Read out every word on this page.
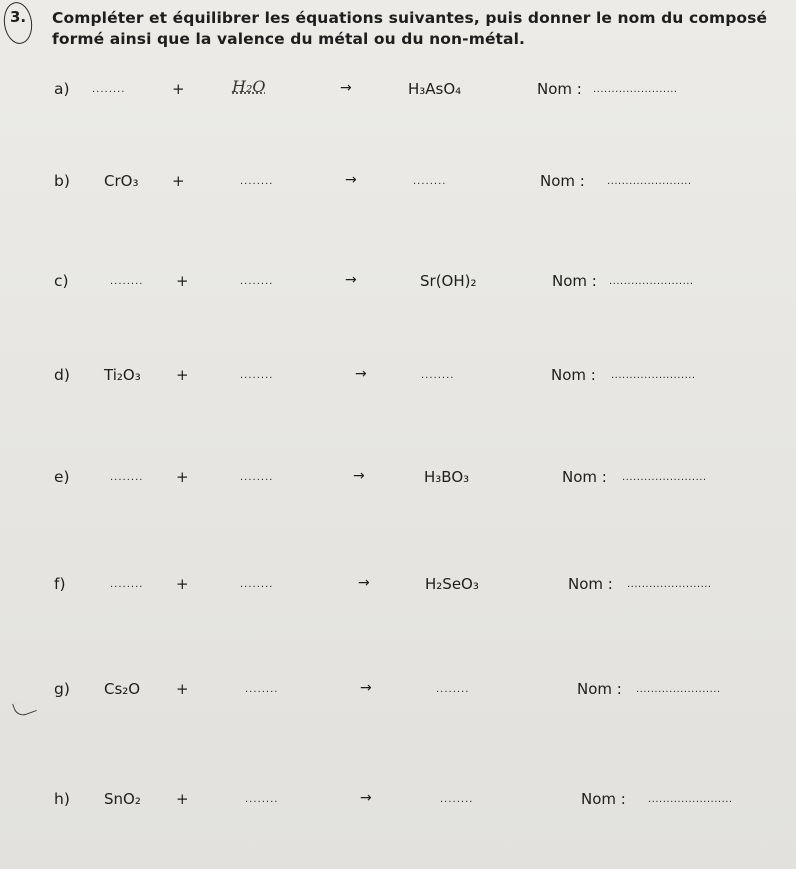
3. Compléter et équilibrer les équations suivantes, puis donner le nom du composé formé ainsi que la valence du métal ou du non-métal.
a) ........	+	H₂O	→	H₃AsO₄	Nom : .......................
b) CrO₃ +	........	→	........	Nom : .......................
c)	........ +	........	→	Sr(OH)₂	Nom : .......................
d) Ti₂O₃ +	........	→	........	Nom : .......................
e)	........ +	........	→	H₃BO₃	Nom : .......................
f)	........ +	........	→	H₂SeO₃	Nom : .......................
g) Cs₂O +	........	→	........	Nom : .......................
h) SnO₂ +	........	→	........	Nom : .......................
